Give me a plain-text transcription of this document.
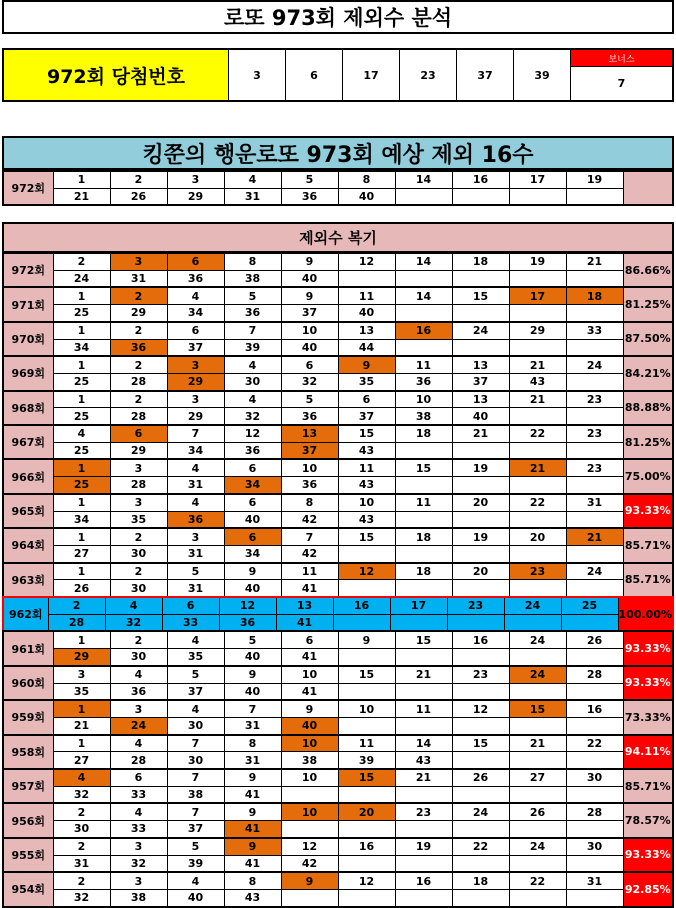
로또 973회 제외수 분석
972회 당첨번호	3	6	17	23	37	39
보너스
7
킹쭌의 행운로또 973회 예상 제외 16수
972회
1	2	3	4	5	8	14	16	17	19
21	26	29	31	36	40
제외수 복기
972회
2	3	6	8	9	12	14	18	19	21
24	31	36	38	40
86.66%
971회
1	2	4	5	9	11	14	15	17	18
25	29	34	36	37	40
81.25%
970회
1	2	6	7	10	13	16	24	29	33
34	36	37	39	40	44
87.50%
969회
1	2	3	4	6	9	11	13	21	24
25	28	29	30	32	35	36	37	43
84.21%
968회
1	2	3	4	5	6	10	13	21	23
25	28	29	32	36	37	38	40
88.88%
967회
4	6	7	12	13	15	18	21	22	23
25	29	34	36	37	43
81.25%
966회
1	3	4	6	10	11	15	19	21	23
25	28	31	34	36	43
75.00%
965회
1	3	4	6	8	10	11	20	22	31
34	35	36	40	42	43
93.33%
964회
1	2	3	6	7	15	18	19	20	21
27	30	31	34	42
85.71%
963회
1	2	5	9	11	12	18	20	23	24
26	30	31	40	41
85.71%
962회
2	4	6	12	13	16	17	23	24	25
28	32	33	36	41
100.00%
961회
1	2	4	5	6	9	15	16	24	26
29	30	35	40	41
93.33%
960회
3	4	5	9	10	15	21	23	24	28
35	36	37	40	41
93.33%
959회
1	3	4	7	9	10	11	12	15	16
21	24	30	31	40
73.33%
958회
1	4	7	8	10	11	14	15	21	22
27	28	30	31	38	39	43
94.11%
957회
4	6	7	9	10	15	21	26	27	30
32	33	38	41
85.71%
956회
2	4	7	9	10	20	23	24	26	28
30	33	37	41
78.57%
955회
2	3	5	9	12	16	19	22	24	30
31	32	39	41	42
93.33%
954회
2	3	4	8	9	12	16	18	22	31
32	38	40	43
92.85%
